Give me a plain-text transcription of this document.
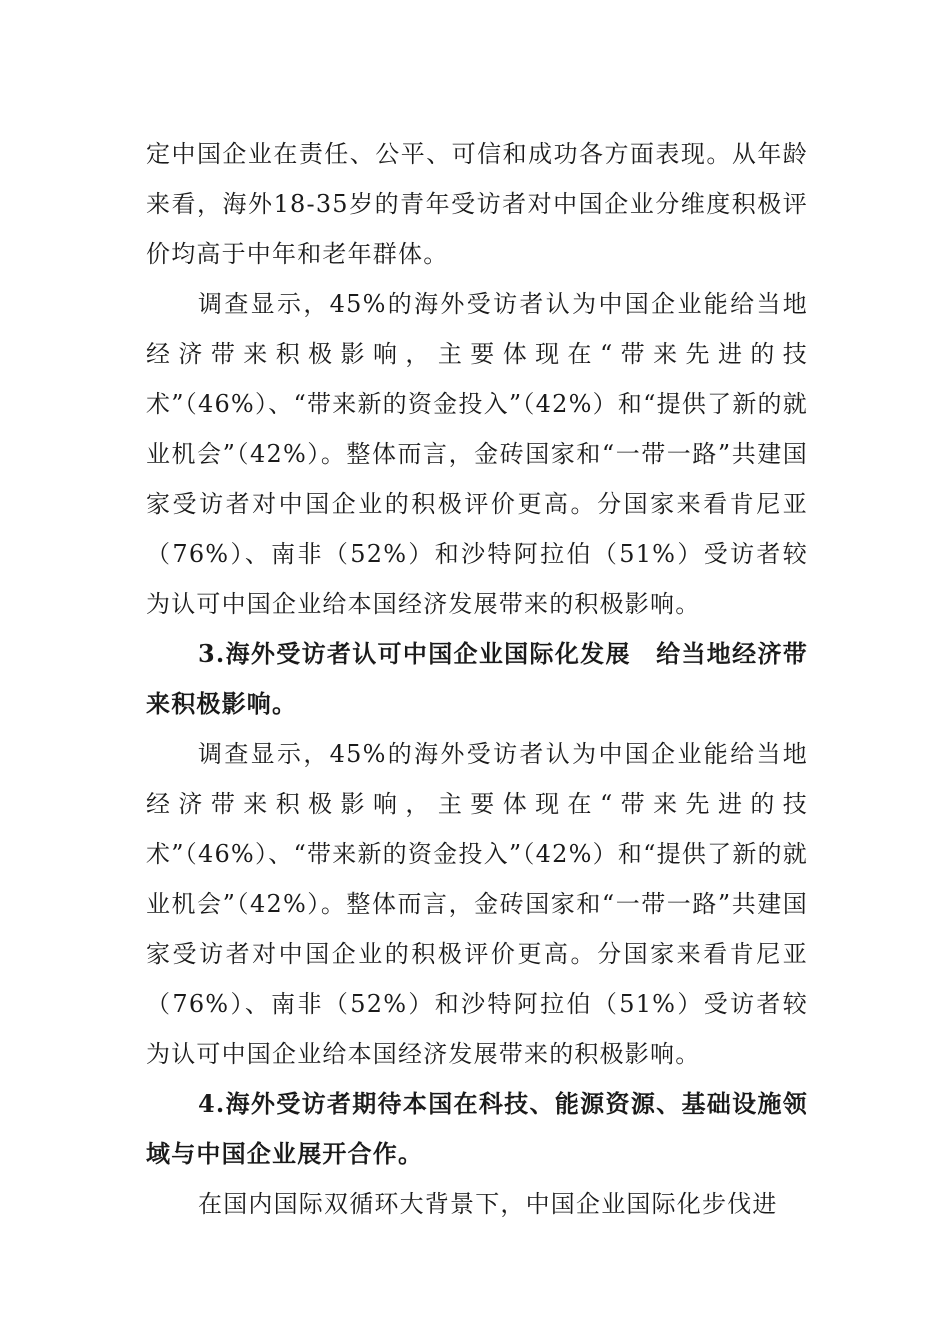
定中国企业在责任、公平、可信和成功各方面表现。从年龄来看，海外18-35岁的青年受访者对中国企业分维度积极评价均高于中年和老年群体。

调查显示，45%的海外受访者认为中国企业能给当地经济带来积极影响，主要体现在“带来先进的技术”（46%）、“带来新的资金投入”（42%）和“提供了新的就业机会”（42%）。整体而言，金砖国家和“一带一路”共建国家受访者对中国企业的积极评价更高。分国家来看肯尼亚（76%）、南非（52%）和沙特阿拉伯（51%）受访者较为认可中国企业给本国经济发展带来的积极影响。

3.海外受访者认可中国企业国际化发展　给当地经济带来积极影响。

调查显示，45%的海外受访者认为中国企业能给当地经济带来积极影响，主要体现在“带来先进的技术”（46%）、“带来新的资金投入”（42%）和“提供了新的就业机会”（42%）。整体而言，金砖国家和“一带一路”共建国家受访者对中国企业的积极评价更高。分国家来看肯尼亚（76%）、南非（52%）和沙特阿拉伯（51%）受访者较为认可中国企业给本国经济发展带来的积极影响。

4.海外受访者期待本国在科技、能源资源、基础设施领域与中国企业展开合作。

在国内国际双循环大背景下，中国企业国际化步伐进
